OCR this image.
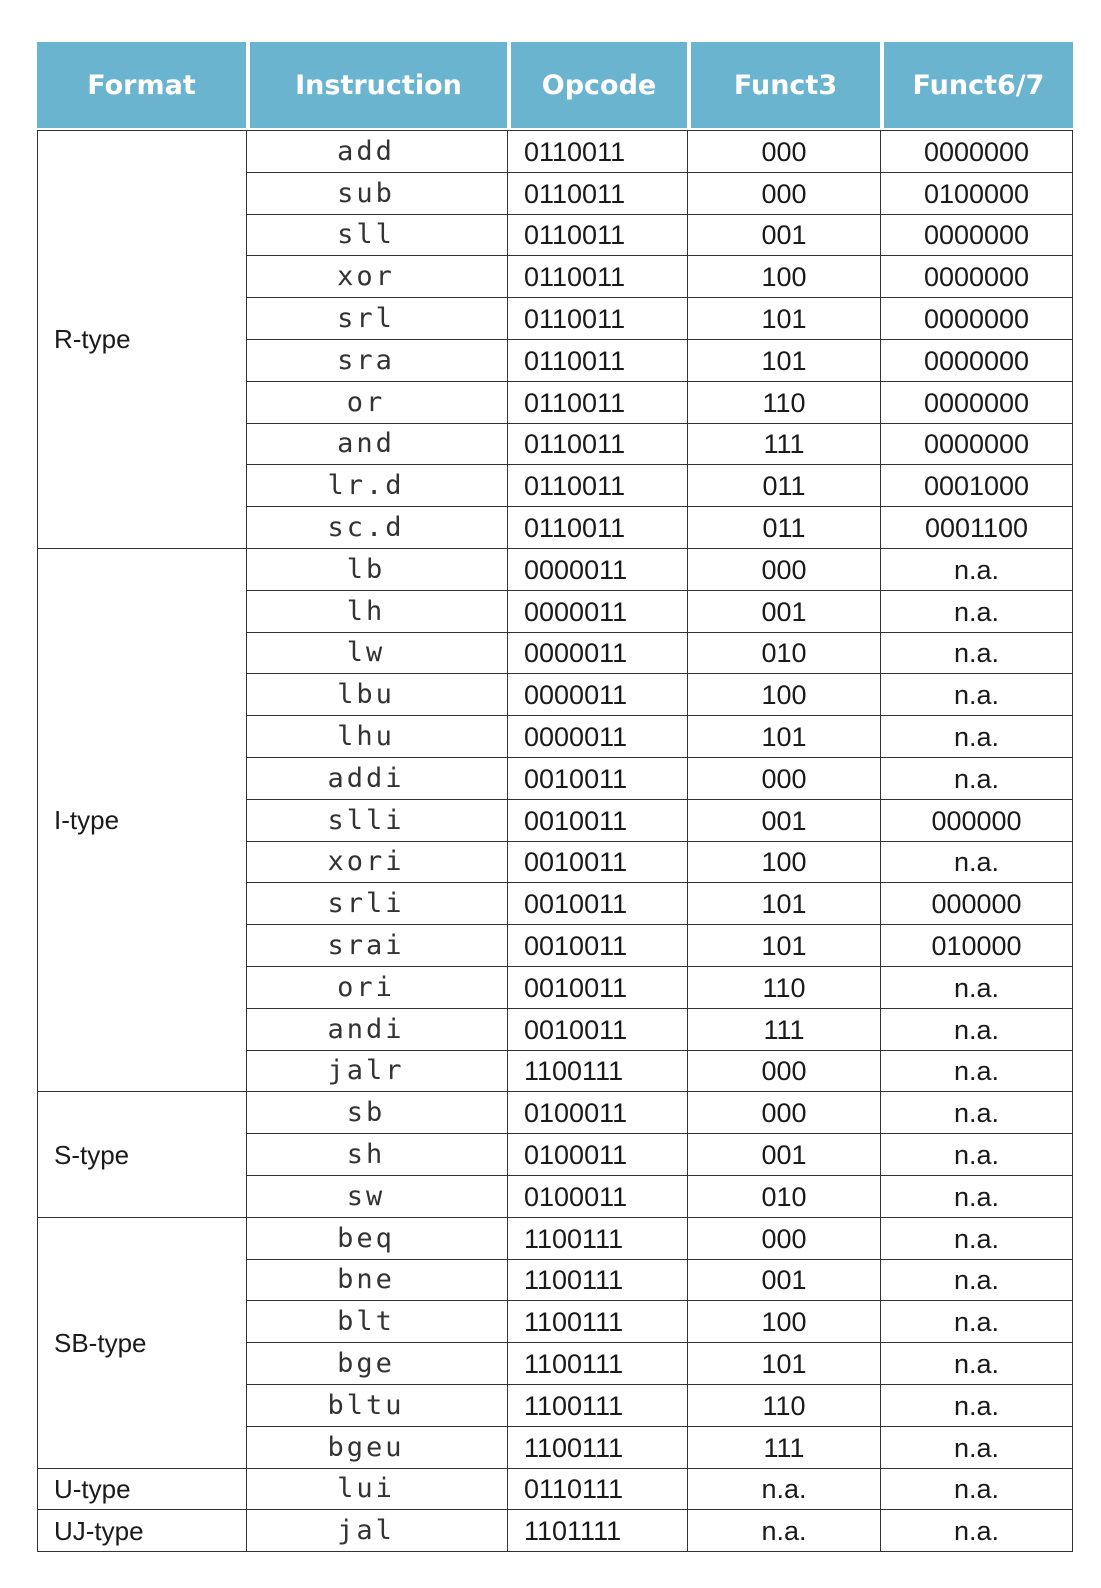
Format	Instruction	Opcode	Funct3	Funct6/7
R-type	add	0110011	000	0000000
	sub	0110011	000	0100000
	sll	0110011	001	0000000
	xor	0110011	100	0000000
	srl	0110011	101	0000000
	sra	0110011	101	0000000
	or	0110011	110	0000000
	and	0110011	111	0000000
	lr.d	0110011	011	0001000
	sc.d	0110011	011	0001100
I-type	lb	0000011	000	n.a.
	lh	0000011	001	n.a.
	lw	0000011	010	n.a.
	lbu	0000011	100	n.a.
	lhu	0000011	101	n.a.
	addi	0010011	000	n.a.
	slli	0010011	001	000000
	xori	0010011	100	n.a.
	srli	0010011	101	000000
	srai	0010011	101	010000
	ori	0010011	110	n.a.
	andi	0010011	111	n.a.
	jalr	1100111	000	n.a.
S-type	sb	0100011	000	n.a.
	sh	0100011	001	n.a.
	sw	0100011	010	n.a.
SB-type	beq	1100111	000	n.a.
	bne	1100111	001	n.a.
	blt	1100111	100	n.a.
	bge	1100111	101	n.a.
	bltu	1100111	110	n.a.
	bgeu	1100111	111	n.a.
U-type	lui	0110111	n.a.	n.a.
UJ-type	jal	1101111	n.a.	n.a.
